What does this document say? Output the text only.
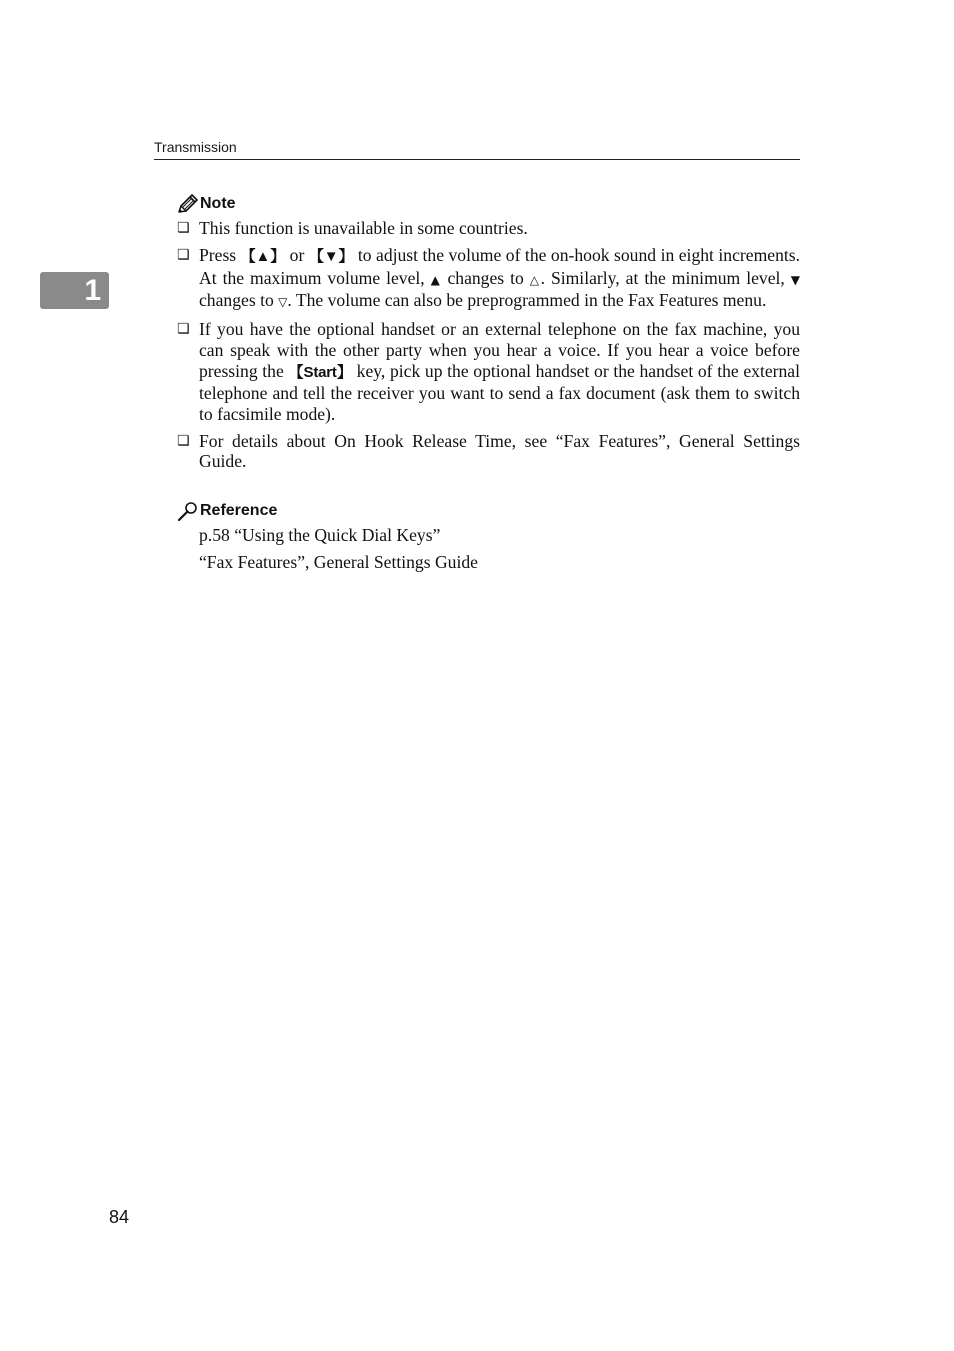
Transmission
1
Note
❏ This function is unavailable in some countries.
❏ Press 【▲】 or 【▼】 to adjust the volume of the on-hook sound in eight increments. At the maximum volume level, ▲ changes to △. Similarly, at the minimum level, ▼ changes to ▽. The volume can also be preprogrammed in the Fax Features menu.
❏ If you have the optional handset or an external telephone on the fax machine, you can speak with the other party when you hear a voice. If you hear a voice before pressing the 【Start】 key, pick up the optional handset or the handset of the external telephone and tell the receiver you want to send a fax document (ask them to switch to facsimile mode).
❏ For details about On Hook Release Time, see “Fax Features”, General Settings Guide.
Reference
p.58 “Using the Quick Dial Keys”
“Fax Features”, General Settings Guide
84
